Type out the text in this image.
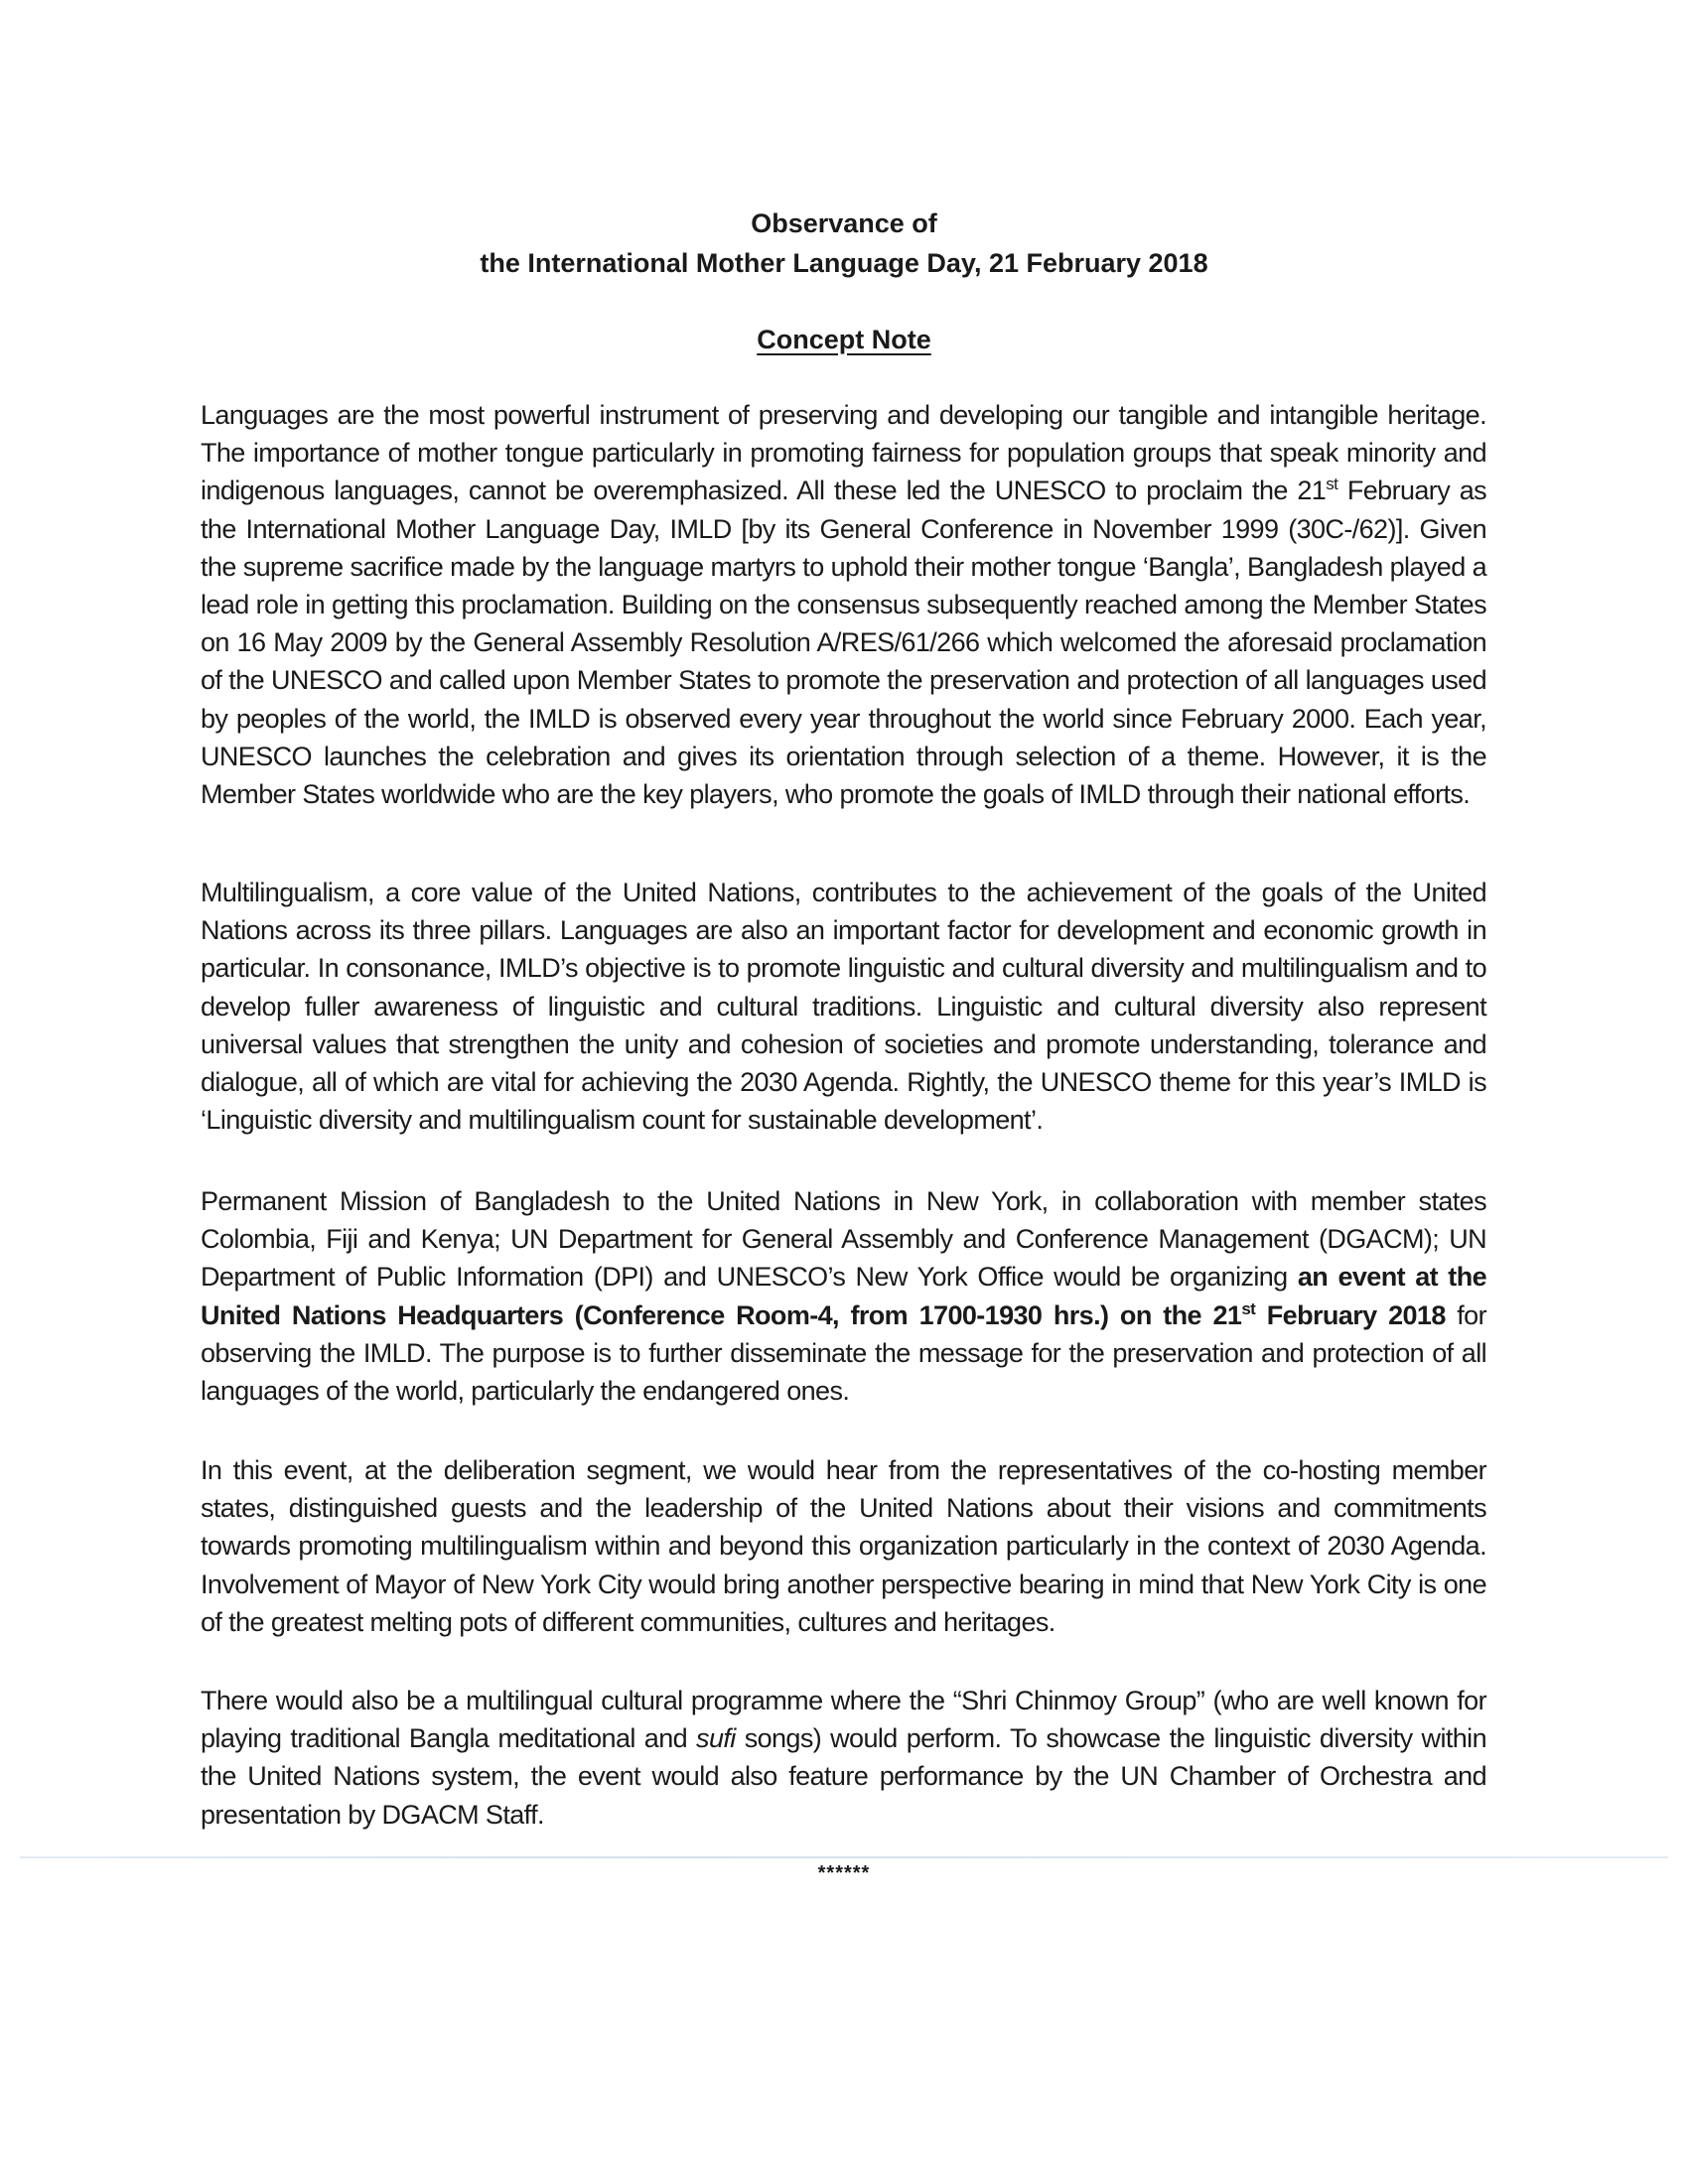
Observance of
the International Mother Language Day, 21 February 2018
Concept Note

Languages are the most powerful instrument of preserving and developing our tangible and intangible heritage. The importance of mother tongue particularly in promoting fairness for population groups that speak minority and indigenous languages, cannot be overemphasized. All these led the UNESCO to proclaim the 21st February as the International Mother Language Day, IMLD [by its General Conference in November 1999 (30C-/62)]. Given the supreme sacrifice made by the language martyrs to uphold their mother tongue ‘Bangla’, Bangladesh played a lead role in getting this proclamation. Building on the consensus subsequently reached among the Member States on 16 May 2009 by the General Assembly Resolution A/RES/61/266 which welcomed the aforesaid proclamation of the UNESCO and called upon Member States to promote the preservation and protection of all languages used by peoples of the world, the IMLD is observed every year throughout the world since February 2000. Each year, UNESCO launches the celebration and gives its orientation through selection of a theme. However, it is the Member States worldwide who are the key players, who promote the goals of IMLD through their national efforts.

Multilingualism, a core value of the United Nations, contributes to the achievement of the goals of the United Nations across its three pillars. Languages are also an important factor for development and economic growth in particular. In consonance, IMLD’s objective is to promote linguistic and cultural diversity and multilingualism and to develop fuller awareness of linguistic and cultural traditions. Linguistic and cultural diversity also represent universal values that strengthen the unity and cohesion of societies and promote understanding, tolerance and dialogue, all of which are vital for achieving the 2030 Agenda. Rightly, the UNESCO theme for this year’s IMLD is ‘Linguistic diversity and multilingualism count for sustainable development’.

Permanent Mission of Bangladesh to the United Nations in New York, in collaboration with member states Colombia, Fiji and Kenya; UN Department for General Assembly and Conference Management (DGACM); UN Department of Public Information (DPI) and UNESCO’s New York Office would be organizing an event at the United Nations Headquarters (Conference Room-4, from 1700-1930 hrs.) on the 21st February 2018 for observing the IMLD. The purpose is to further disseminate the message for the preservation and protection of all languages of the world, particularly the endangered ones.

In this event, at the deliberation segment, we would hear from the representatives of the co-hosting member states, distinguished guests and the leadership of the United Nations about their visions and commitments towards promoting multilingualism within and beyond this organization particularly in the context of 2030 Agenda. Involvement of Mayor of New York City would bring another perspective bearing in mind that New York City is one of the greatest melting pots of different communities, cultures and heritages.

There would also be a multilingual cultural programme where the “Shri Chinmoy Group” (who are well known for playing traditional Bangla meditational and sufi songs) would perform. To showcase the linguistic diversity within the United Nations system, the event would also feature performance by the UN Chamber of Orchestra and presentation by DGACM Staff.

******
